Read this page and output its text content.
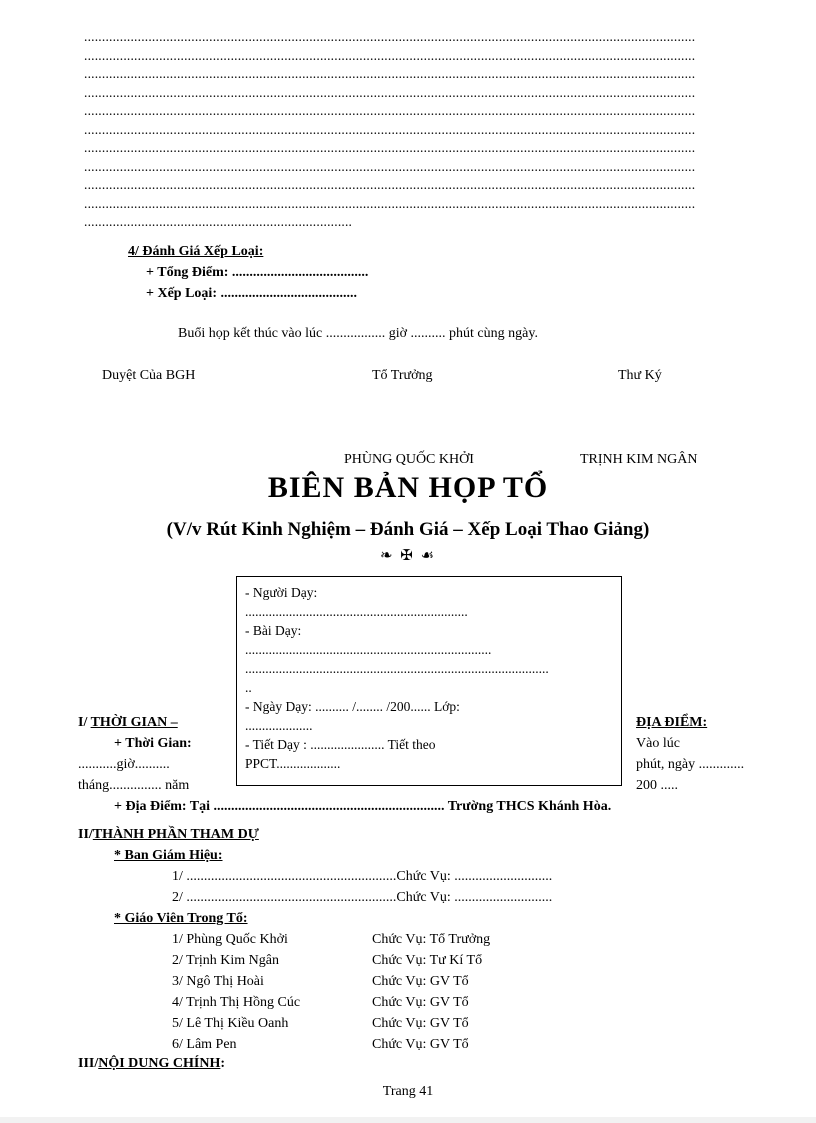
...........................................................................................................................................................................
...........................................................................................................................................................................
...........................................................................................................................................................................
...........................................................................................................................................................................
...........................................................................................................................................................................
...........................................................................................................................................................................
...........................................................................................................................................................................
...........................................................................................................................................................................
...........................................................................................................................................................................
...........................................................................................................................................................................
...........................................................................
4/ Đánh Giá Xếp Loại:
+ Tổng Điểm: .......................................
+ Xếp Loại: .......................................
Buổi họp kết thúc vào lúc ................. giờ .......... phút cùng ngày.
Duyệt Của BGH	Tổ Trưởng	Thư Ký
PHÙNG QUỐC KHỞI	TRỊNH KIM NGÂN
BIÊN BẢN HỌP TỔ
(V/v Rút Kinh Nghiệm – Đánh Giá – Xếp Loại Thao Giảng)
❧ ✠ ☙
- Người Dạy:
..................................................................
- Bài Dạy:
.........................................................................
..........................................................................................
..
- Ngày Dạy: .......... /........ /200...... Lớp:
....................
- Tiết Dạy : ...................... Tiết theo
PPCT...................
I/ THỜI GIAN –
+ Thời Gian:
...........giờ..........
tháng............... năm
+ Địa Điểm: Tại .................................................................. Trường THCS Khánh Hòa.
ĐỊA ĐIỂM:
Vào lúc
phút, ngày .............
200 .....
II/THÀNH PHẦN THAM DỰ
* Ban Giám Hiệu:
1/ ............................................................Chức Vụ: ............................
2/ ............................................................Chức Vụ: ............................
* Giáo Viên Trong Tổ:
1/ Phùng Quốc Khởi	Chức Vụ: Tổ Trưởng
2/ Trịnh Kim Ngân	Chức Vụ: Tư Kí Tổ
3/ Ngô Thị Hoài	Chức Vụ: GV Tổ
4/ Trịnh Thị Hồng Cúc	Chức Vụ: GV Tổ
5/ Lê Thị Kiều Oanh	Chức Vụ: GV Tổ
6/ Lâm Pen	Chức Vụ: GV Tổ
III/NỘI DUNG CHÍNH:
Trang 41
